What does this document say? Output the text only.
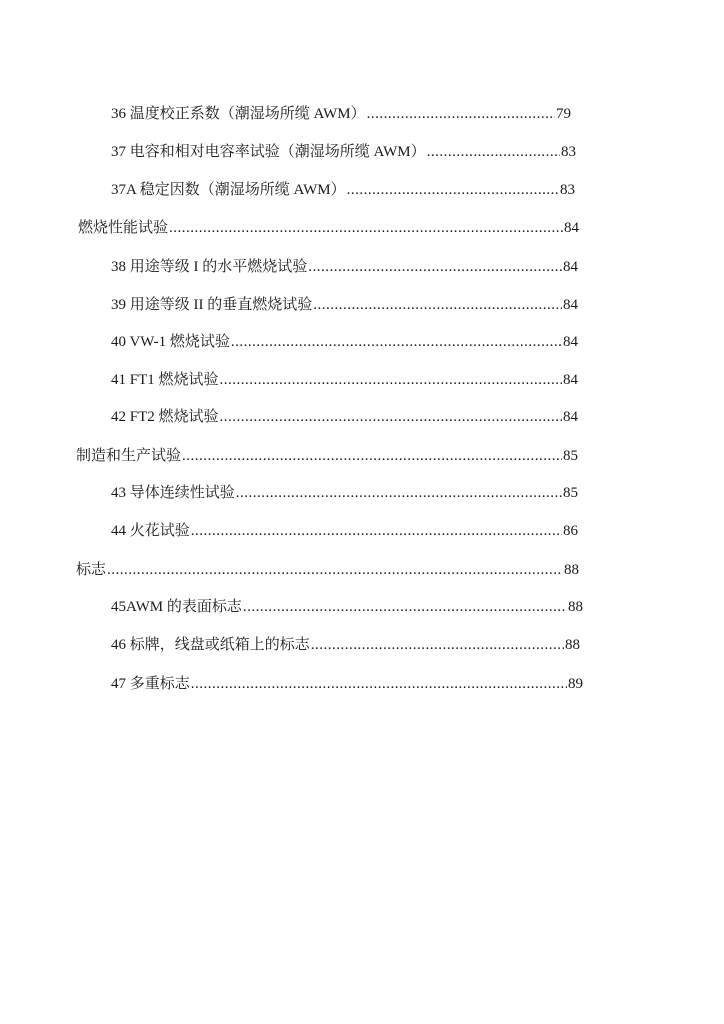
36 温度校正系数（潮湿场所缆 AWM） .....	79
37 电容和相对电容率试验（潮湿场所缆 AWM） .....	83
37A 稳定因数（潮湿场所缆 AWM） .....	83
燃烧性能试验 .....	84
38 用途等级 I 的水平燃烧试验 .....	84
39 用途等级 II 的垂直燃烧试验 .....	84
40 VW-1 燃烧试验 .....	84
41 FT1 燃烧试验 .....	84
42 FT2 燃烧试验 .....	84
制造和生产试验 .....	85
43 导体连续性试验 .....	85
44 火花试验 .....	86
标志 .....	88
45AWM 的表面标志 .....	88
46 标牌，线盘或纸箱上的标志 .....	88
47 多重标志 .....	89
